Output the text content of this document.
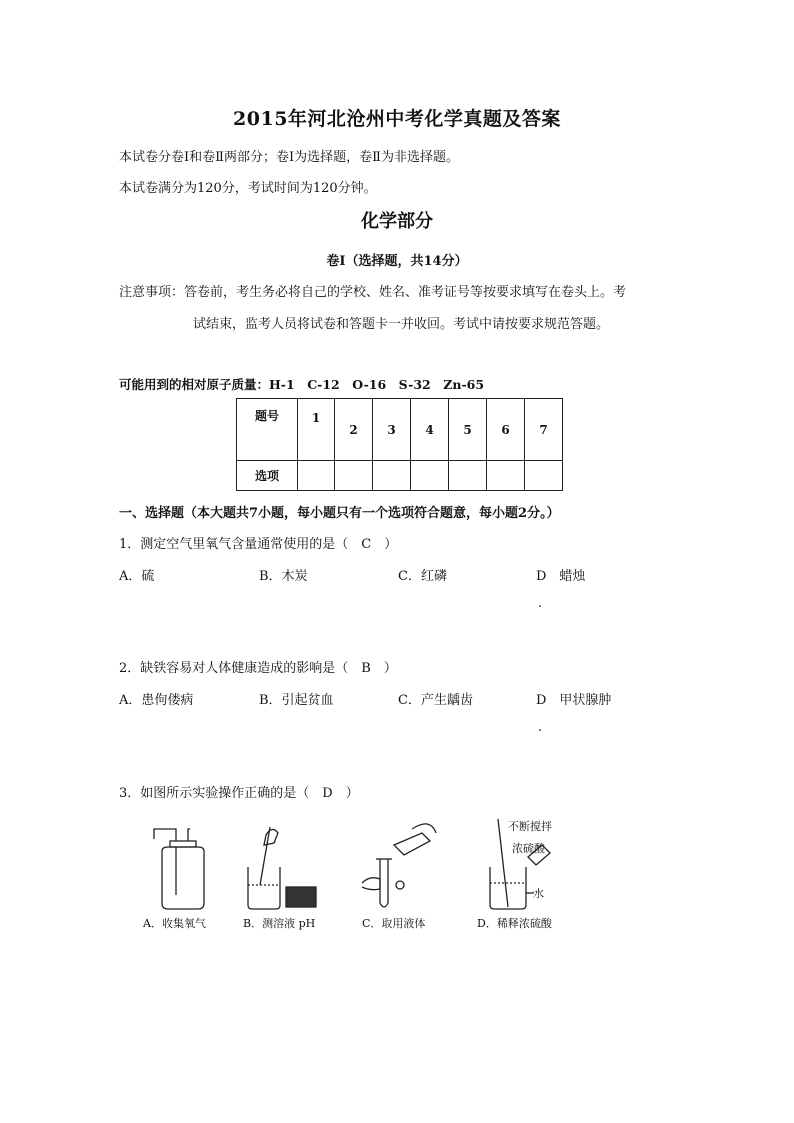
2015年河北沧州中考化学真题及答案
本试卷分卷Ⅰ和卷Ⅱ两部分；卷Ⅰ为选择题，卷Ⅱ为非选择题。
本试卷满分为120分，考试时间为120分钟。
化学部分
卷Ⅰ（选择题，共14分）
注意事项：答卷前，考生务必将自己的学校、姓名、准考证号等按要求填写在卷头上。考
试结束，监考人员将试卷和答题卡一并收回。考试中请按要求规范答题。
可能用到的相对原子质量：H-1　C-12　O-16　S-32　Zn-65
题号	1	2	3	4	5	6	7
选项							
一、选择题（本大题共7小题，每小题只有一个选项符合题意，每小题2分。）
1．测定空气里氧气含量通常使用的是（　C　）
A．硫	B．木炭	C．红磷	D　蜡烛
.
2．缺铁容易对人体健康造成的影响是（　B　）
A．患佝偻病	B．引起贫血	C．产生龋齿	D　甲状腺肿
.
3．如图所示实验操作正确的是（　D　）
不断搅拌
浓硫酸
水
A．收集氧气	B．测溶液 pH	C．取用液体	D．稀释浓硫酸
